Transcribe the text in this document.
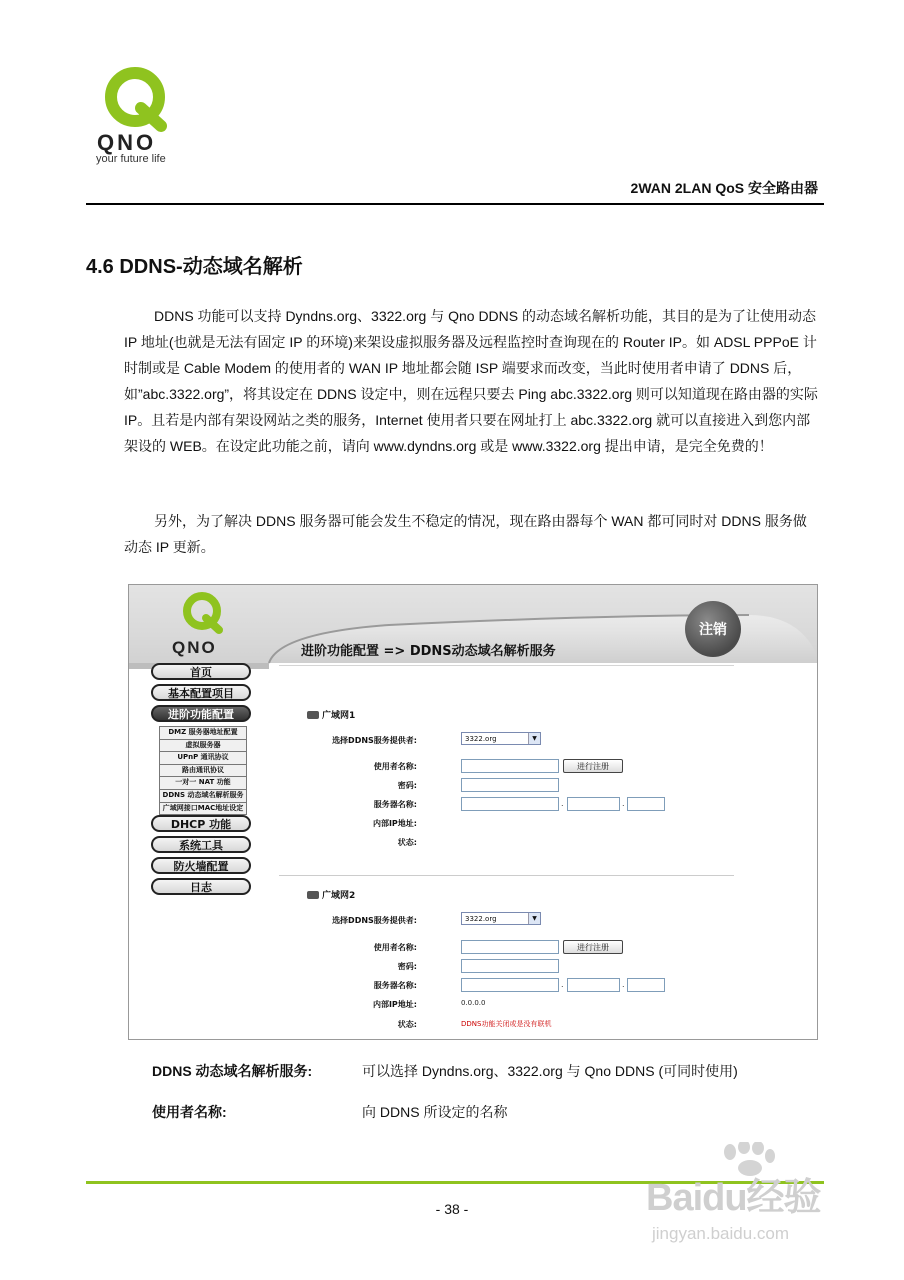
QNO
your future life
2WAN 2LAN QoS 安全路由器
4.6 DDNS-动态域名解析

DDNS 功能可以支持 Dyndns.org、3322.org 与 Qno DDNS 的动态域名解析功能，其目的是为了让使用动态 IP 地址(也就是无法有固定 IP 的环境)来架设虚拟服务器及远程监控时查询现在的 Router IP。如 ADSL PPPoE 计时制或是 Cable Modem 的使用者的 WAN IP 地址都会随 ISP 端要求而改变，当此时使用者申请了 DDNS 后，如”abc.3322.org”，将其设定在 DDNS 设定中，则在远程只要去 Ping abc.3322.org 则可以知道现在路由器的实际 IP。且若是内部有架设网站之类的服务，Internet 使用者只要在网址打上 abc.3322.org 就可以直接进入到您内部架设的 WEB。在设定此功能之前，请向 www.dyndns.org 或是 www.3322.org 提出申请，是完全免费的！

另外，为了解决 DDNS 服务器可能会发生不稳定的情况，现在路由器每个 WAN 都可同时对 DDNS 服务做动态 IP 更新。

QNO
注销
进阶功能配置 => DDNS动态域名解析服务
首页
基本配置项目
进阶功能配置
DMZ 服务器地址配置
虚拟服务器
UPnP 通讯协议
路由通讯协议
一对一 NAT 功能
DDNS 动态域名解析服务
广域网接口MAC地址设定
DHCP 功能
系统工具
防火墙配置
日志
广域网1
选择DDNS服务提供者:	3322.org	▼
使用者名称:	进行注册
密码:
服务器名称:	.	.
内部IP地址:
状态:
广域网2
选择DDNS服务提供者:	3322.org	▼
使用者名称:	进行注册
密码:
服务器名称:	.	.
内部IP地址:	0.0.0.0
状态:	DDNS功能关闭或是没有联机
DDNS 动态域名解析服务:	可以选择 Dyndns.org、3322.org 与 Qno DDNS (可同时使用)
使用者名称:	向 DDNS 所设定的名称
- 38 -	Baidu经验
jingyan.baidu.com
